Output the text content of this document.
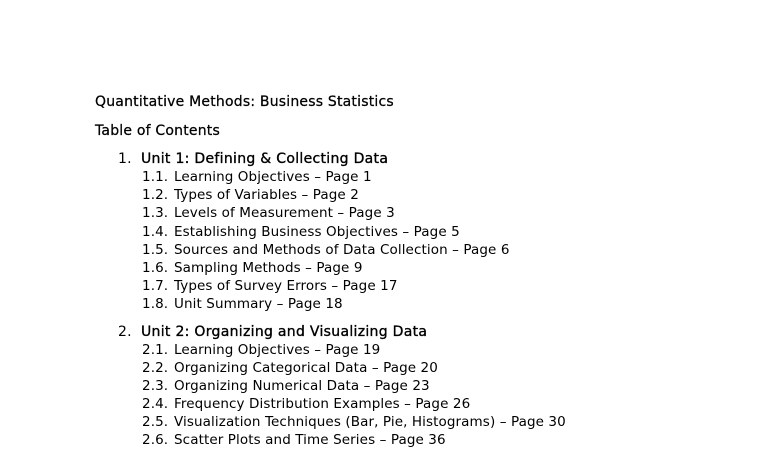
Quantitative Methods: Business Statistics
Table of Contents
1. Unit 1: Defining & Collecting Data
1.1. Learning Objectives – Page 1
1.2. Types of Variables – Page 2
1.3. Levels of Measurement – Page 3
1.4. Establishing Business Objectives – Page 5
1.5. Sources and Methods of Data Collection – Page 6
1.6. Sampling Methods – Page 9
1.7. Types of Survey Errors – Page 17
1.8. Unit Summary – Page 18
2. Unit 2: Organizing and Visualizing Data
2.1. Learning Objectives – Page 19
2.2. Organizing Categorical Data – Page 20
2.3. Organizing Numerical Data – Page 23
2.4. Frequency Distribution Examples – Page 26
2.5. Visualization Techniques (Bar, Pie, Histograms) – Page 30
2.6. Scatter Plots and Time Series – Page 36
